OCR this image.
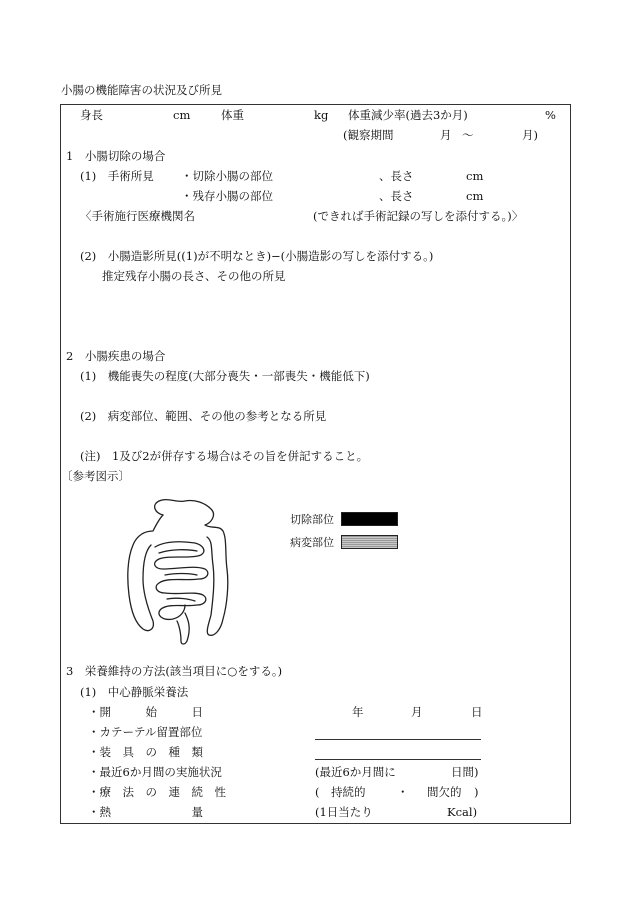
小腸の機能障害の状況及び所見
身長	cm	体重	kg 体重減少率(過去3か月)	%
(観察期間	月 〜	月)
1　小腸切除の場合
(1)　手術所見 ・切除小腸の部位	、長さ	cm
・残存小腸の部位	、長さ	cm
〈手術施行医療機関名	(できれば手術記録の写しを添付する。)〉
(2)　小腸造影所見((1)が不明なとき)−(小腸造影の写しを添付する。)
推定残存小腸の長さ、その他の所見
2　小腸疾患の場合
(1)　機能喪失の程度(大部分喪失・一部喪失・機能低下)
(2)　病変部位、範囲、その他の参考となる所見
(注)　1及び2が併存する場合はその旨を併記すること。
〔参考図示〕
切除部位
病変部位
3　栄養維持の方法(該当項目に○をする。)
(1)　中心静脈栄養法
・開　　　始　　　日	年	月	日
・カテーテル留置部位
・装　具　の　種　類
・最近6か月間の実施状況	(最近6か月間に	日間)
・療　法　の　連　続　性	( 持続的	・ 間欠的 )
・熱　　　　　　　量	(1日当たり	Kcal)
